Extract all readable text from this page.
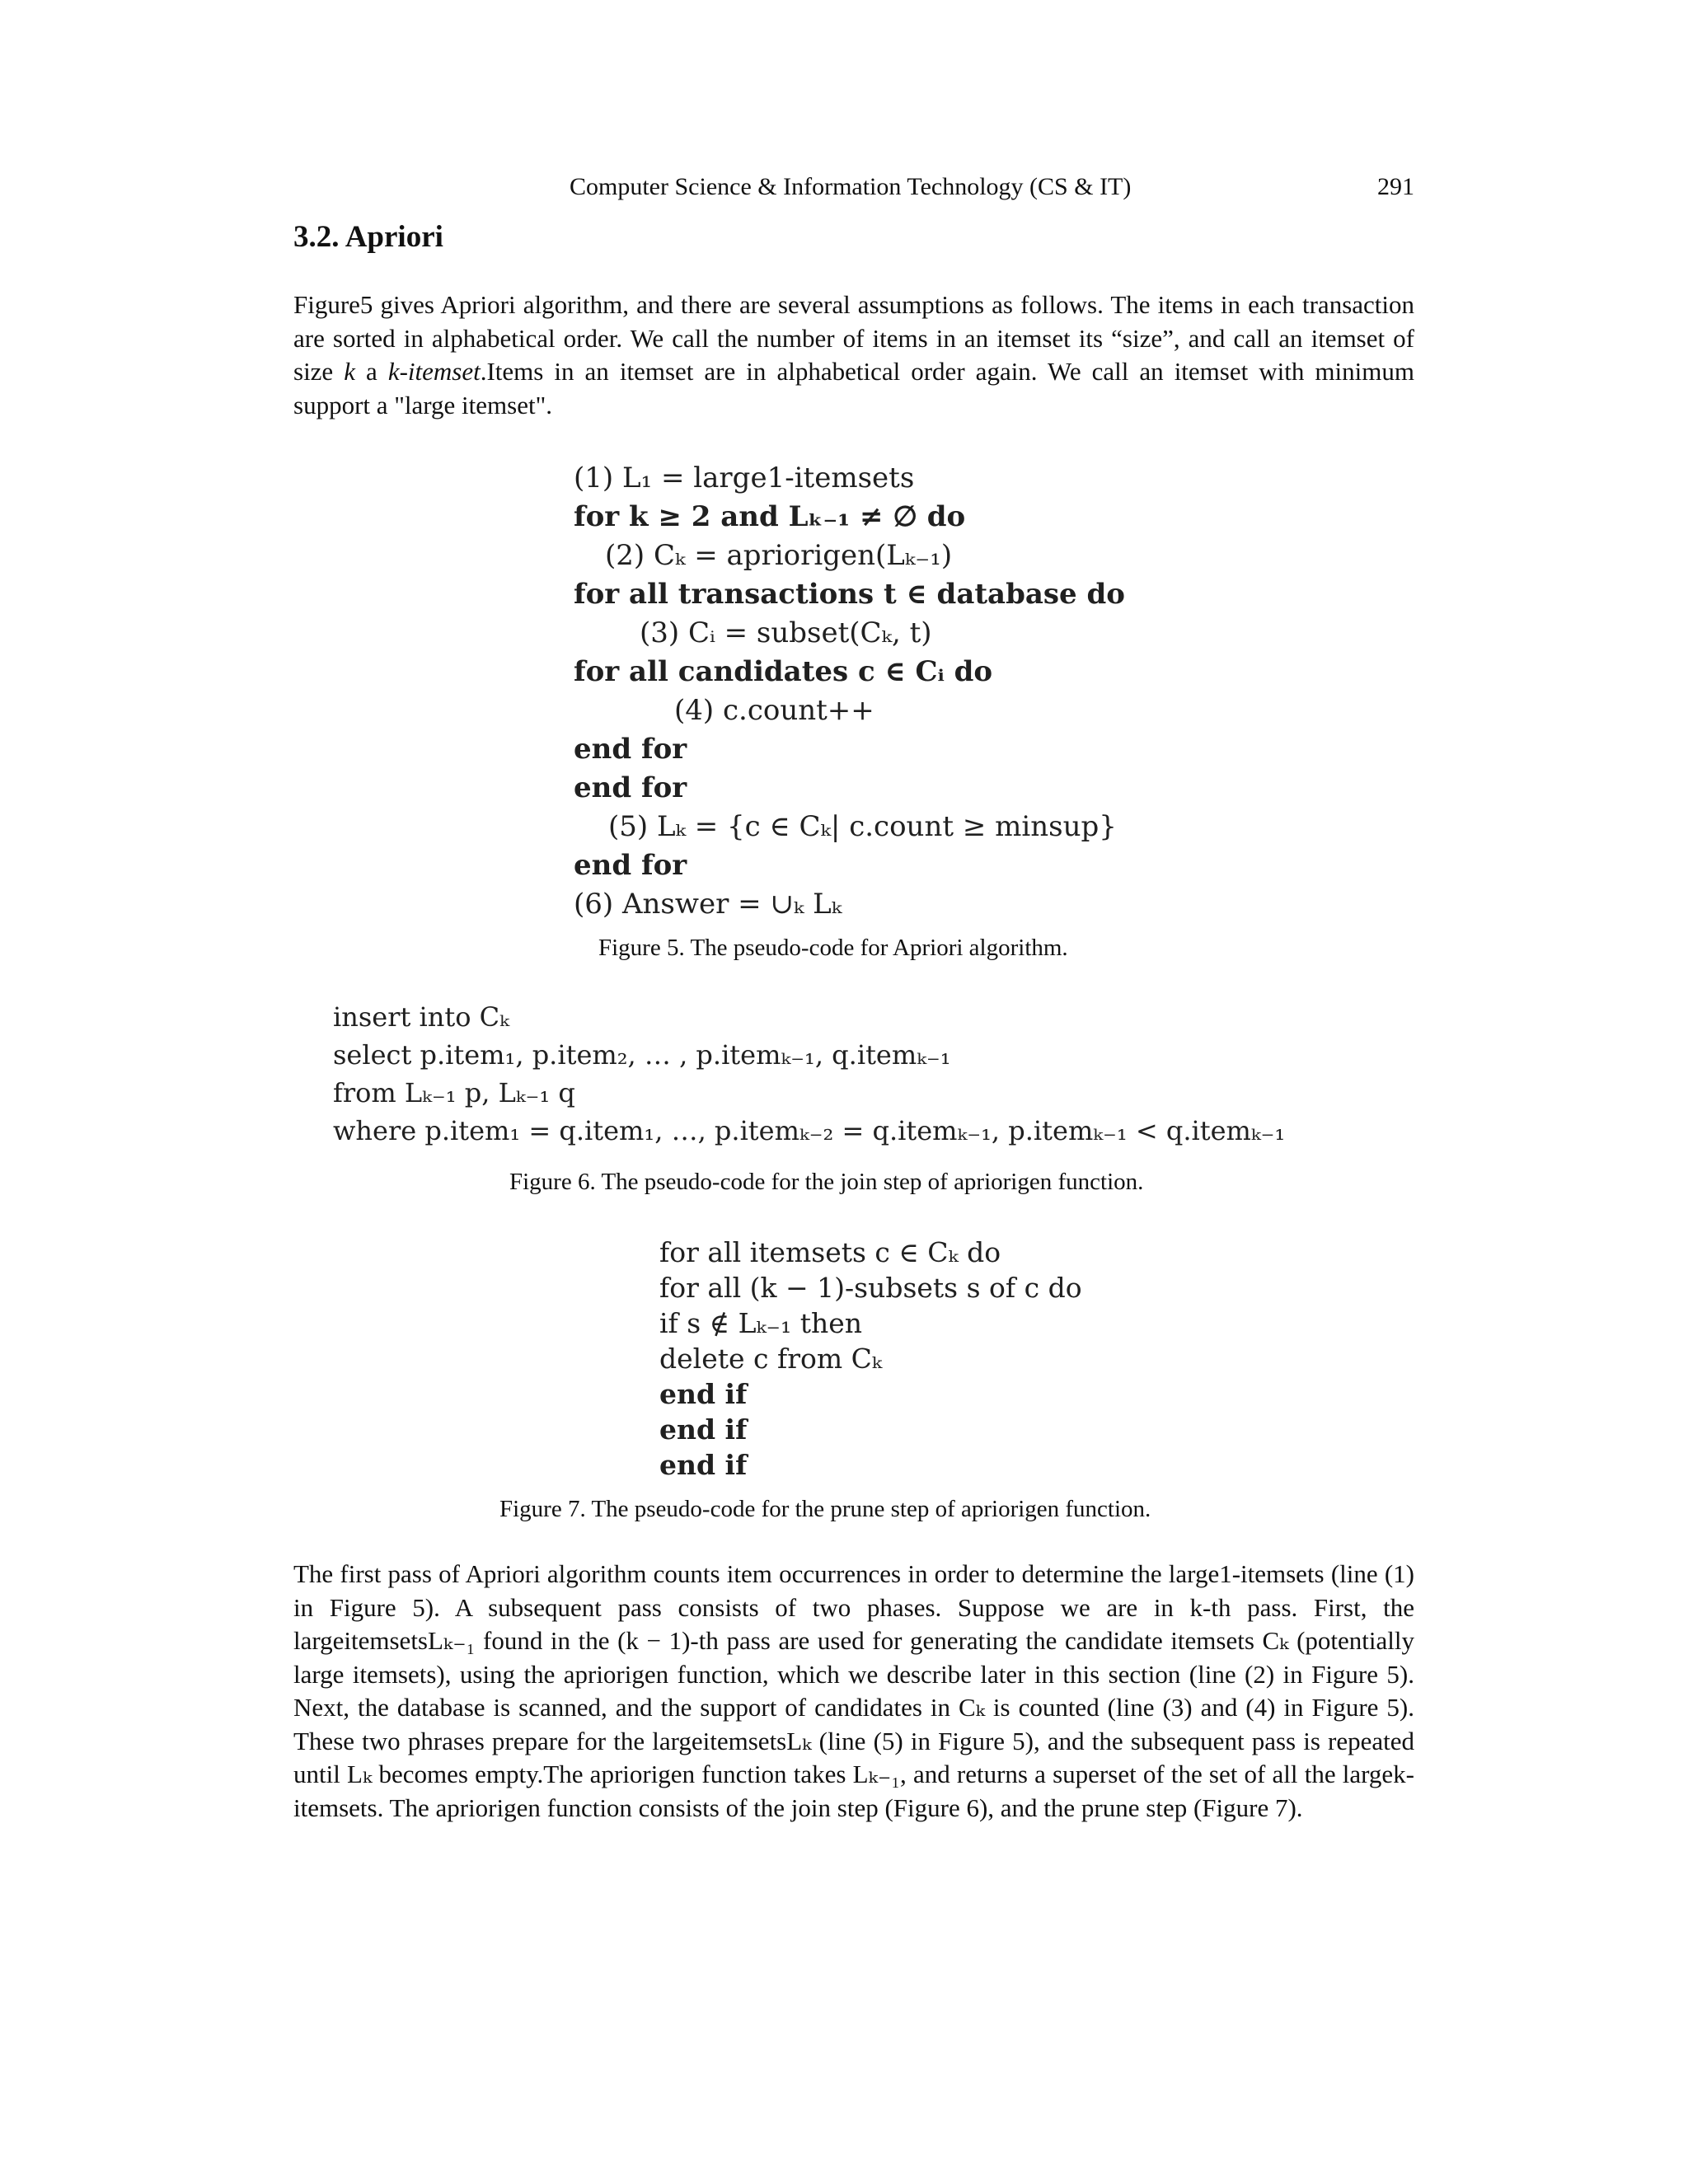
Computer Science & Information Technology (CS & IT)	291
3.2. Apriori

Figure5 gives Apriori algorithm, and there are several assumptions as follows. The items in each transaction are sorted in alphabetical order. We call the number of items in an itemset its “size”, and call an itemset of size k a k-itemset.Items in an itemset are in alphabetical order again. We call an itemset with minimum support a "large itemset".

(1) L₁ = large1-itemsets
for k ≥ 2 and Lₖ₋₁ ≠ ∅ do
(2) Cₖ = apriorigen(Lₖ₋₁)
for all transactions t ∈ database do
(3) Cᵢ = subset(Cₖ, t)
for all candidates c ∈ Cᵢ do
(4) c.count++
end for
end for
(5) Lₖ = {c ∈ Cₖ| c.count ≥ minsup}
end for
(6) Answer = ∪ₖ Lₖ
Figure 5. The pseudo-code for Apriori algorithm.
insert into Cₖ
select p.item₁, p.item₂, … , p.itemₖ₋₁, q.itemₖ₋₁
from Lₖ₋₁ p, Lₖ₋₁ q
where p.item₁ = q.item₁, …, p.itemₖ₋₂ = q.itemₖ₋₁, p.itemₖ₋₁ < q.itemₖ₋₁
Figure 6. The pseudo-code for the join step of apriorigen function.
for all itemsets c ∈ Cₖ do
for all (k − 1)-subsets s of c do
if s ∉ Lₖ₋₁ then
delete c from Cₖ
end if
end if
end if
Figure 7. The pseudo-code for the prune step of apriorigen function.

The first pass of Apriori algorithm counts item occurrences in order to determine the large1-itemsets (line (1) in Figure 5). A subsequent pass consists of two phases. Suppose we are in k-th pass. First, the largeitemsetsLₖ₋₁ found in the (k − 1)-th pass are used for generating the candidate itemsets Cₖ (potentially large itemsets), using the apriorigen function, which we describe later in this section (line (2) in Figure 5). Next, the database is scanned, and the support of candidates in Cₖ is counted (line (3) and (4) in Figure 5). These two phrases prepare for the largeitemsetsLₖ (line (5) in Figure 5), and the subsequent pass is repeated until Lₖ becomes empty.The apriorigen function takes Lₖ₋₁, and returns a superset of the set of all the largek-itemsets. The apriorigen function consists of the join step (Figure 6), and the prune step (Figure 7).
